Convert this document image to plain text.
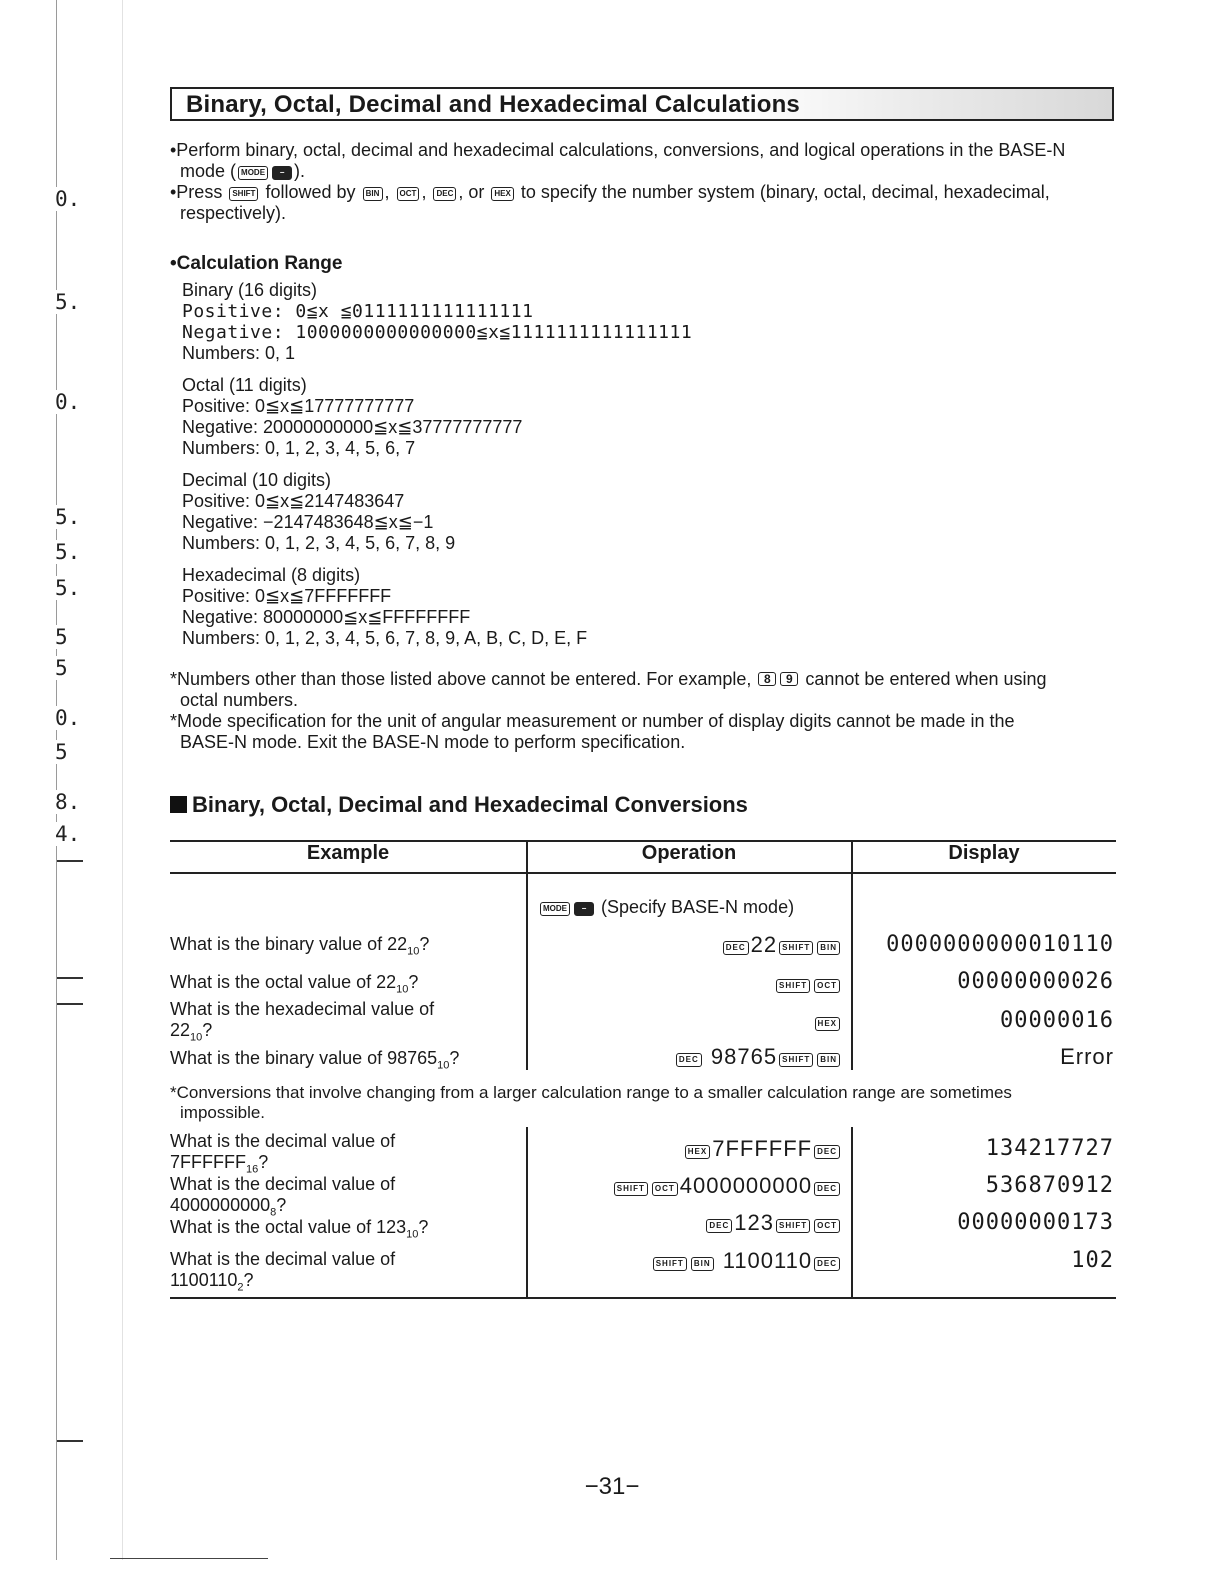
0.
5.
0.
5.
5.
5.
5
5
0.
5
8.
4.
Binary, Octal, Decimal and Hexadecimal Calculations
•Perform binary, octal, decimal and hexadecimal calculations, conversions, and logical operations in the BASE-N
mode ( MODE − ).
•Press SHIFT followed by BIN , OCT , DEC , or HEX to specify the number system (binary, octal, decimal, hexadecimal,
respectively).
•Calculation Range
Binary (16 digits)
Positive: 0≦x ≦0111111111111111
Negative: 1000000000000000≦x≦1111111111111111
Numbers: 0, 1
Octal (11 digits)
Positive: 0≦x≦17777777777
Negative: 20000000000≦x≦37777777777
Numbers: 0, 1, 2, 3, 4, 5, 6, 7
Decimal (10 digits)
Positive: 0≦x≦2147483647
Negative: −2147483648≦x≦−1
Numbers: 0, 1, 2, 3, 4, 5, 6, 7, 8, 9
Hexadecimal (8 digits)
Positive: 0≦x≦7FFFFFFF
Negative: 80000000≦x≦FFFFFFFF
Numbers: 0, 1, 2, 3, 4, 5, 6, 7, 8, 9, A, B, C, D, E, F
*Numbers other than those listed above cannot be entered. For example, 8 9 cannot be entered when using
octal numbers.
*Mode specification for the unit of angular measurement or number of display digits cannot be made in the
BASE-N mode. Exit the BASE-N mode to perform specification.
Binary, Octal, Decimal and Hexadecimal Conversions
Example	Operation	Display
MODE − (Specify BASE-N mode)
What is the binary value of $22_{10}$?	DEC 22 SHIFT BIN 0000000000010110
What is the octal value of $22_{10}$?	SHIFT OCT	00000000026
What is the hexadecimal value of
$22_{10}$?	HEX	00000016
What is the binary value of $98765_{10}$?	DEC 98765 SHIFT BIN	Error
*Conversions that involve changing from a larger calculation range to a smaller calculation range are sometimes
impossible.
What is the decimal value of
$7FFFFFF_{16}$?
HEX 7FFFFFF DEC	134217727
What is the decimal value of
$4000000000_8$?
SHIFT OCT 4000000000 DEC	536870912
What is the octal value of $123_{10}$?	DEC 123 SHIFT OCT	00000000173
What is the decimal value of
$1100110_2$?
SHIFT BIN 1100110 DEC	102
−31−
